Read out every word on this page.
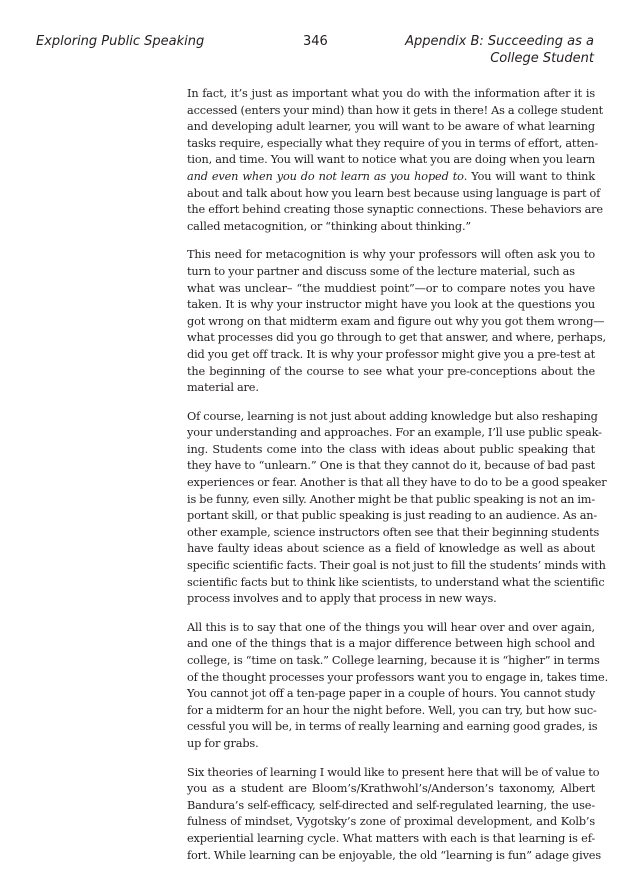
Exploring Public Speaking	346	Appendix B: Succeeding as a
College Student
In fact, it’s just as important what you do with the information after it is
accessed (enters your mind) than how it gets in there! As a college student
and developing adult learner, you will want to be aware of what learning
tasks require, especially what they require of you in terms of effort, atten-
tion, and time. You will want to notice what you are doing when you learn
and even when you do not learn as you hoped to. You will want to think
about and talk about how you learn best because using language is part of
the effort behind creating those synaptic connections. These behaviors are
called metacognition, or “thinking about thinking.”
This need for metacognition is why your professors will often ask you to
turn to your partner and discuss some of the lecture material, such as
what was unclear– “the muddiest point”—or to compare notes you have
taken. It is why your instructor might have you look at the questions you
got wrong on that midterm exam and figure out why you got them wrong—
what processes did you go through to get that answer, and where, perhaps,
did you get off track. It is why your professor might give you a pre-test at
the beginning of the course to see what your pre-conceptions about the
material are.
Of course, learning is not just about adding knowledge but also reshaping
your understanding and approaches. For an example, I’ll use public speak-
ing. Students come into the class with ideas about public speaking that
they have to “unlearn.” One is that they cannot do it, because of bad past
experiences or fear. Another is that all they have to do to be a good speaker
is be funny, even silly. Another might be that public speaking is not an im-
portant skill, or that public speaking is just reading to an audience. As an-
other example, science instructors often see that their beginning students
have faulty ideas about science as a field of knowledge as well as about
specific scientific facts. Their goal is not just to fill the students’ minds with
scientific facts but to think like scientists, to understand what the scientific
process involves and to apply that process in new ways.
All this is to say that one of the things you will hear over and over again,
and one of the things that is a major difference between high school and
college, is “time on task.” College learning, because it is “higher” in terms
of the thought processes your professors want you to engage in, takes time.
You cannot jot off a ten-page paper in a couple of hours. You cannot study
for a midterm for an hour the night before. Well, you can try, but how suc-
cessful you will be, in terms of really learning and earning good grades, is
up for grabs.
Six theories of learning I would like to present here that will be of value to
you as a student are Bloom’s/Krathwohl’s/Anderson’s taxonomy, Albert
Bandura’s self-efficacy, self-directed and self-regulated learning, the use-
fulness of mindset, Vygotsky’s zone of proximal development, and Kolb’s
experiential learning cycle. What matters with each is that learning is ef-
fort. While learning can be enjoyable, the old “learning is fun” adage gives
